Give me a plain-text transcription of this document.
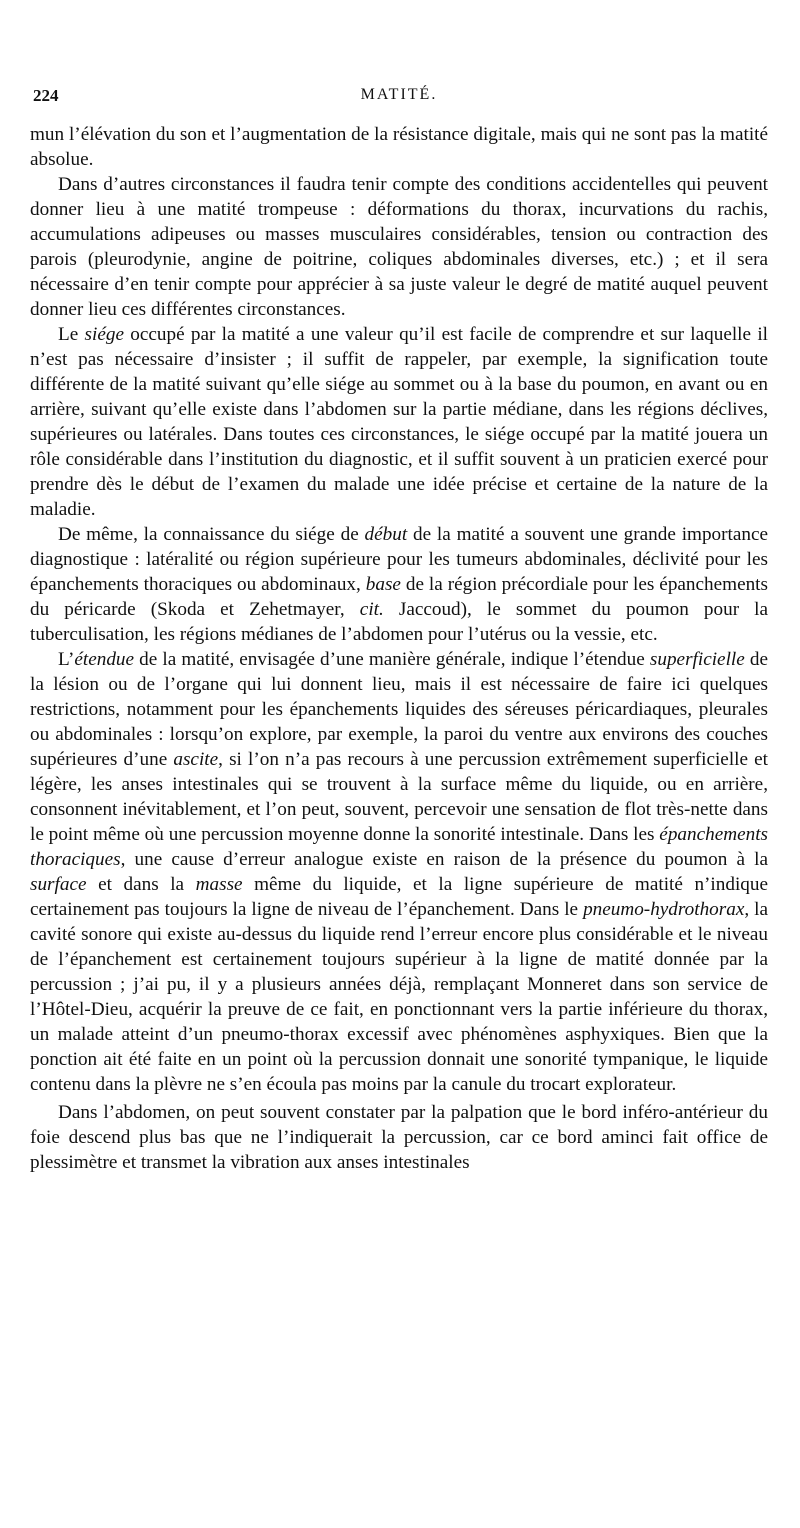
224	MATITÉ.

mun l’élévation du son et l’augmentation de la résistance digitale, mais qui ne sont pas la matité absolue.

Dans d’autres circonstances il faudra tenir compte des conditions accidentelles qui peuvent donner lieu à une matité trompeuse : déformations du thorax, incurvations du rachis, accumulations adipeuses ou masses musculaires considérables, tension ou contraction des parois (pleurodynie, angine de poitrine, coliques abdominales diverses, etc.) ; et il sera nécessaire d’en tenir compte pour apprécier à sa juste valeur le degré de matité auquel peuvent donner lieu ces différentes circonstances.

Le siége occupé par la matité a une valeur qu’il est facile de comprendre et sur laquelle il n’est pas nécessaire d’insister ; il suffit de rappeler, par exemple, la signification toute différente de la matité suivant qu’elle siége au sommet ou à la base du poumon, en avant ou en arrière, suivant qu’elle existe dans l’abdomen sur la partie médiane, dans les régions déclives, supérieures ou latérales. Dans toutes ces circonstances, le siége occupé par la matité jouera un rôle considérable dans l’institution du diagnostic, et il suffit souvent à un praticien exercé pour prendre dès le début de l’examen du malade une idée précise et certaine de la nature de la maladie.

De même, la connaissance du siége de début de la matité a souvent une grande importance diagnostique : latéralité ou région supérieure pour les tumeurs abdominales, déclivité pour les épanchements thoraciques ou abdominaux, base de la région précordiale pour les épanchements du péricarde (Skoda et Zehetmayer, cit. Jaccoud), le sommet du poumon pour la tuberculisation, les régions médianes de l’abdomen pour l’utérus ou la vessie, etc.

L’étendue de la matité, envisagée d’une manière générale, indique l’étendue superficielle de la lésion ou de l’organe qui lui donnent lieu, mais il est nécessaire de faire ici quelques restrictions, notamment pour les épanchements liquides des séreuses péricardiaques, pleurales ou abdominales : lorsqu’on explore, par exemple, la paroi du ventre aux environs des couches supérieures d’une ascite, si l’on n’a pas recours à une percussion extrêmement superficielle et légère, les anses intestinales qui se trouvent à la surface même du liquide, ou en arrière, consonnent inévitablement, et l’on peut, souvent, percevoir une sensation de flot très-nette dans le point même où une percussion moyenne donne la sonorité intestinale. Dans les épanchements thoraciques, une cause d’erreur analogue existe en raison de la présence du poumon à la surface et dans la masse même du liquide, et la ligne supérieure de matité n’indique certainement pas toujours la ligne de niveau de l’épanchement. Dans le pneumo-hydrothorax, la cavité sonore qui existe au-dessus du liquide rend l’erreur encore plus considérable et le niveau de l’épanchement est certainement toujours supérieur à la ligne de matité donnée par la percussion ; j’ai pu, il y a plusieurs années déjà, remplaçant Monneret dans son service de l’Hôtel-Dieu, acquérir la preuve de ce fait, en ponctionnant vers la partie inférieure du thorax, un malade atteint d’un pneumo-thorax excessif avec phénomènes asphyxiques. Bien que la ponction ait été faite en un point où la percussion donnait une sonorité tympanique, le liquide contenu dans la plèvre ne s’en écoula pas moins par la canule du trocart explorateur.

Dans l’abdomen, on peut souvent constater par la palpation que le bord inféro-antérieur du foie descend plus bas que ne l’indiquerait la percussion, car ce bord aminci fait office de plessimètre et transmet la vibration aux anses intestinales
